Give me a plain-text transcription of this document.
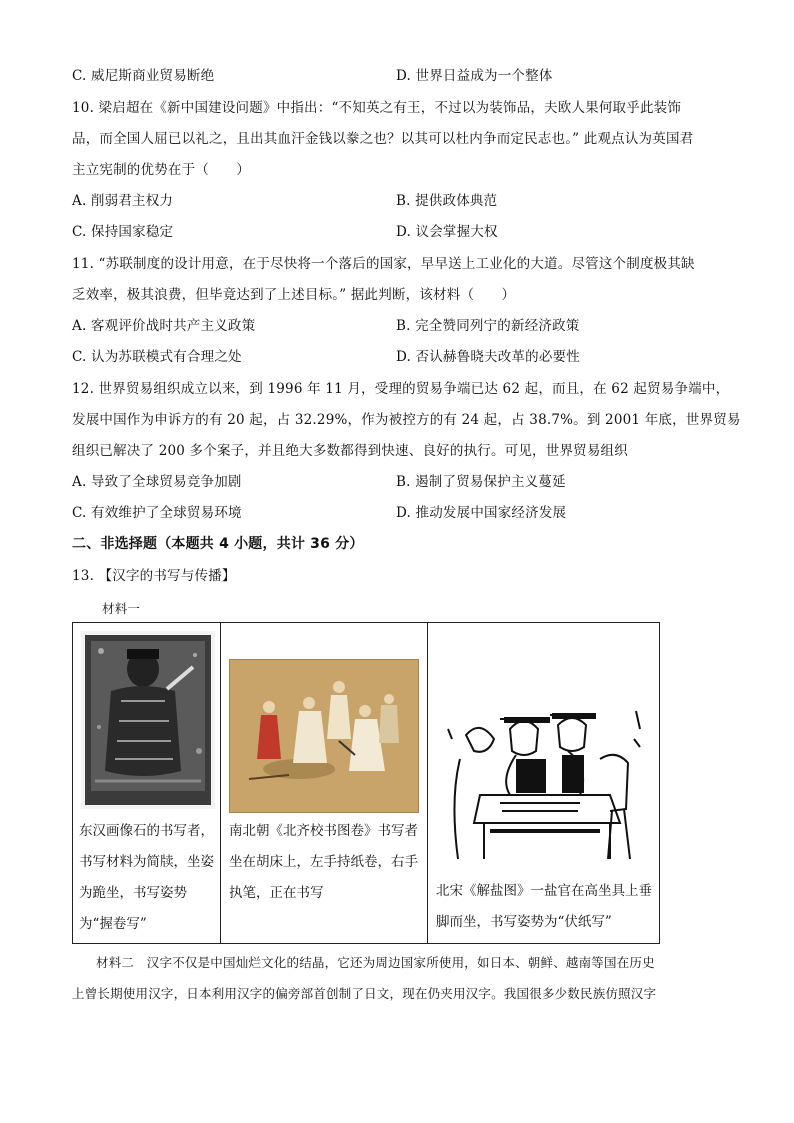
C. 威尼斯商业贸易断绝	D. 世界日益成为一个整体
10. 梁启超在《新中国建设问题》中指出：“不知英之有王，不过以为装饰品，夫欧人果何取乎此装饰
品，而全国人屈已以礼之，且出其血汗金钱以豢之也？以其可以杜内争而定民志也。” 此观点认为英国君
主立宪制的优势在于（　　）
A. 削弱君主权力	B. 提供政体典范
C. 保持国家稳定	D. 议会掌握大权
11. “苏联制度的设计用意，在于尽快将一个落后的国家，早早送上工业化的大道。尽管这个制度极其缺
乏效率，极其浪费，但毕竟达到了上述目标。” 据此判断，该材料（　　）
A. 客观评价战时共产主义政策	B. 完全赞同列宁的新经济政策
C. 认为苏联模式有合理之处	D. 否认赫鲁晓夫改革的必要性
12. 世界贸易组织成立以来，到 1996 年 11 月，受理的贸易争端已达 62 起，而且，在 62 起贸易争端中，
发展中国作为申诉方的有 20 起，占 32.29%，作为被控方的有 24 起，占 38.7%。到 2001 年底，世界贸易
组织已解决了 200 多个案子，并且绝大多数都得到快速、良好的执行。可见，世界贸易组织
A. 导致了全球贸易竞争加剧	B. 遏制了贸易保护主义蔓延
C. 有效维护了全球贸易环境	D. 推动发展中国家经济发展
二、非选择题（本题共 4 小题，共计 36 分）
13. 【汉字的书写与传播】
材料一
东汉画像石的书写者，书写材料为简牍，坐姿为跪坐，书写姿势为“握卷写”

南北朝《北齐校书图卷》书写者坐在胡床上，左手持纸卷，右手执笔，正在书写	北宋《解盐图》一盐官在高坐具上垂脚而坐，书写姿势为“伏纸写”
材料二　汉字不仅是中国灿烂文化的结晶，它还为周边国家所使用，如日本、朝鲜、越南等国在历史
上曾长期使用汉字，日本利用汉字的偏旁部首创制了日文，现在仍夹用汉字。我国很多少数民族仿照汉字
